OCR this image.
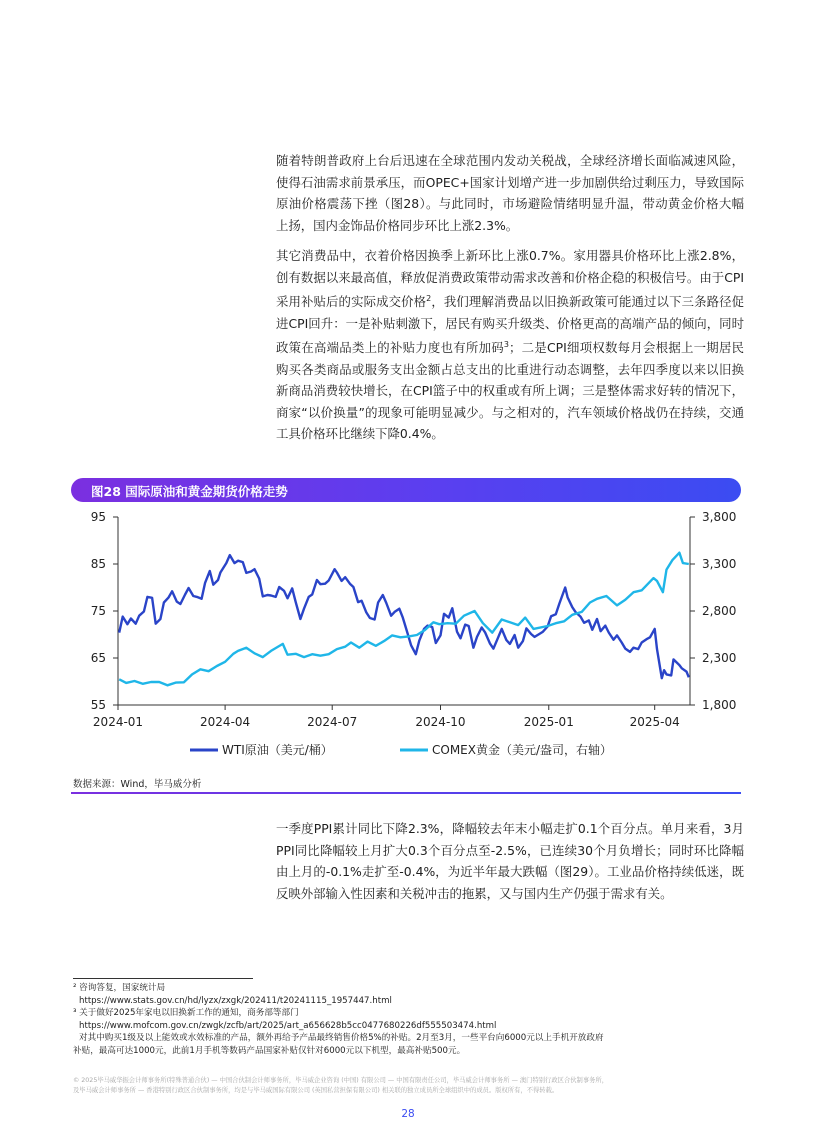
随着特朗普政府上台后迅速在全球范围内发动关税战，全球经济增长面临减速风险，使得石油需求前景承压，而OPEC+国家计划增产进一步加剧供给过剩压力，导致国际原油价格震荡下挫（图28）。与此同时，市场避险情绪明显升温，带动黄金价格大幅上扬，国内金饰品价格同步环比上涨2.3%。

其它消费品中，衣着价格因换季上新环比上涨0.7%。家用器具价格环比上涨2.8%，创有数据以来最高值，释放促消费政策带动需求改善和价格企稳的积极信号。由于CPI采用补贴后的实际成交价格$^2$，我们理解消费品以旧换新政策可能通过以下三条路径促进CPI回升：一是补贴刺激下，居民有购买升级类、价格更高的高端产品的倾向，同时政策在高端品类上的补贴力度也有所加码$^3$；二是CPI细项权数每月会根据上一期居民购买各类商品或服务支出金额占总支出的比重进行动态调整，去年四季度以来以旧换新商品消费较快增长，在CPI篮子中的权重或有所上调；三是整体需求好转的情况下，商家“以价换量”的现象可能明显减少。与之相对的，汽车领域价格战仍在持续，交通工具价格环比继续下降0.4%。

图28 国际原油和黄金期货价格走势
95
85
75
65
55
3,800
3,300
2,800
2,300
1,800
2024-01	2024-04	2024-07	2024-10	2025-01	2025-04
WTI原油（美元/桶）	COMEX黄金（美元/盎司，右轴）
数据来源：Wind，毕马威分析

一季度PPI累计同比下降2.3%，降幅较去年末小幅走扩0.1个百分点。单月来看，3月PPI同比降幅较上月扩大0.3个百分点至-2.5%，已连续30个月负增长；同时环比降幅由上月的-0.1%走扩至-0.4%，为近半年最大跌幅（图29）。工业品价格持续低迷，既反映外部输入性因素和关税冲击的拖累，又与国内生产仍强于需求有关。

² 咨询答复，国家统计局
https://www.stats.gov.cn/hd/lyzx/zxgk/202411/t20241115_1957447.html
³ 关于做好2025年家电以旧换新工作的通知，商务部等部门
https://www.mofcom.gov.cn/zwgk/zcfb/art/2025/art_a656628b5cc0477680226df555503474.html
对其中购买1级及以上能效或水效标准的产品，额外再给予产品最终销售价格5%的补贴。2月至3月，一些平台向6000元以上手机开放政府
补贴，最高可达1000元，此前1月手机等数码产品国家补贴仅针对6000元以下机型，最高补贴500元。
© 2025毕马威华振会计师事务所(特殊普通合伙) — 中国合伙制会计师事务所，毕马威企业咨询 (中国) 有限公司 — 中国有限责任公司，毕马威会计师事务所 — 澳门特别行政区合伙制事务所，
及毕马威会计师事务所 — 香港特别行政区合伙制事务所，均是与毕马威国际有限公司 (英国私营担保有限公司) 相关联的独立成员所全球组织中的成员。版权所有，不得转载。
28
